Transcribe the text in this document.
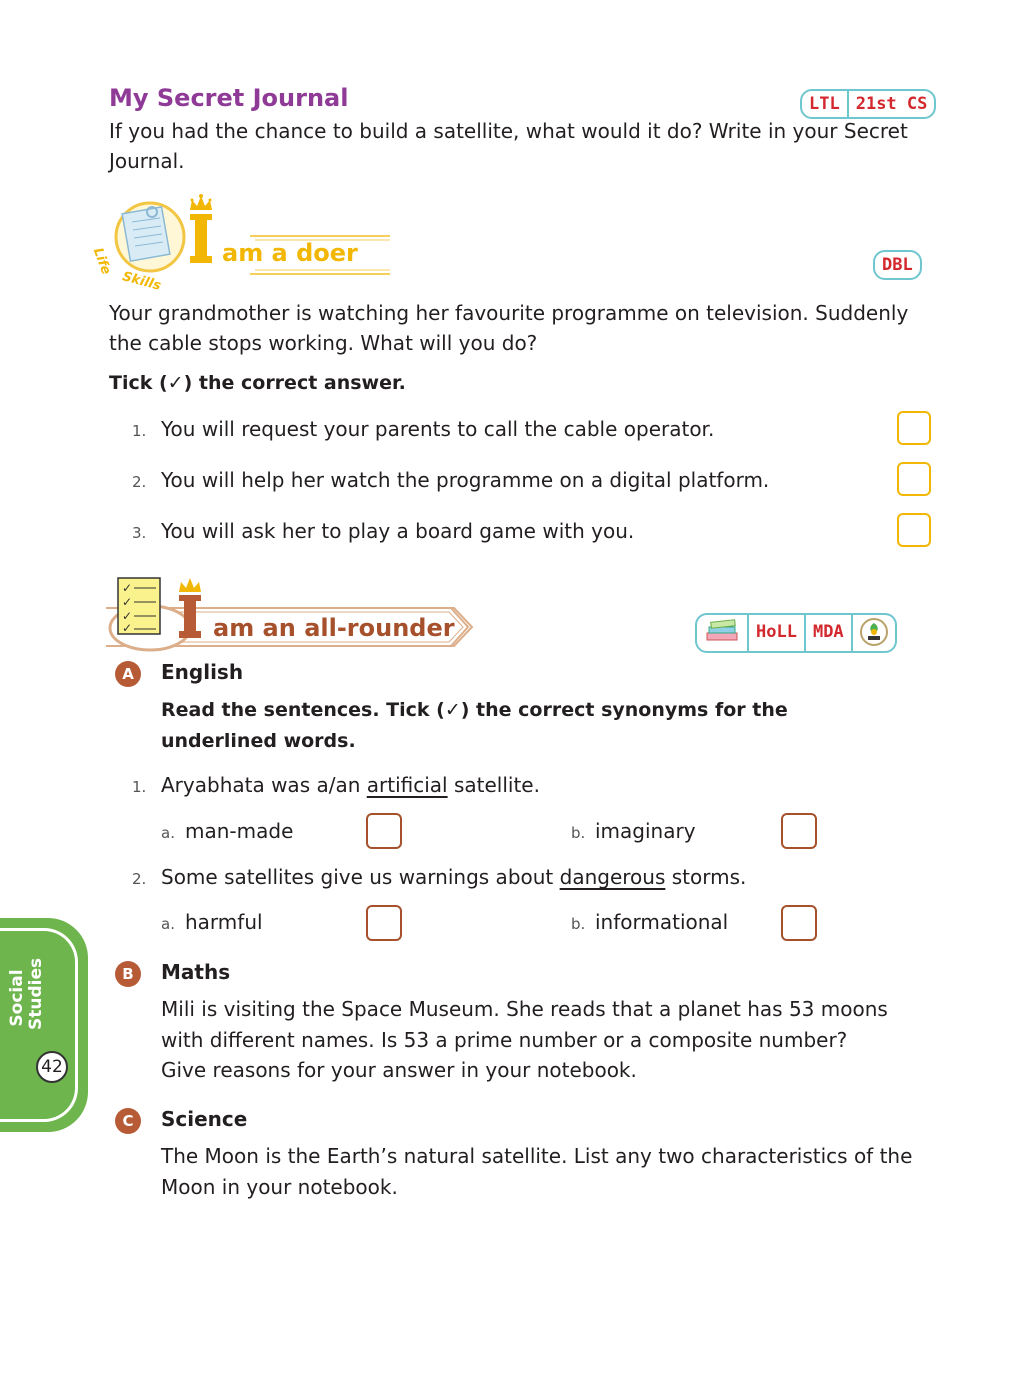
My Secret Journal	LTL 21st CS
If you had the chance to build a satellite, what would it do? Write in your Secret Journal.
am a doer
Life
Skills
DBL
Your grandmother is watching her favourite programme on television. Suddenly the cable stops working. What will you do?
Tick (✓) the correct answer.
1. You will request your parents to call the cable operator.
2. You will help her watch the programme on a digital platform.
3. You will ask her to play a board game with you.
✓
✓
✓
✓	am an all-rounder	HoLL MDA
A	English
Read the sentences. Tick (✓) the correct synonyms for the
underlined words.
1. Aryabhata was a/an artificial satellite.
a. man-made	b. imaginary
2. Some satellites give us warnings about dangerous storms.
a. harmful	b. informational
B	Maths
Mili is visiting the Space Museum. She reads that a planet has 53 moons
with different names. Is 53 a prime number or a composite number?
Give reasons for your answer in your notebook.
C	Science
The Moon is the Earth’s natural satellite. List any two characteristics of the
Moon in your notebook.
Social Studies
42
